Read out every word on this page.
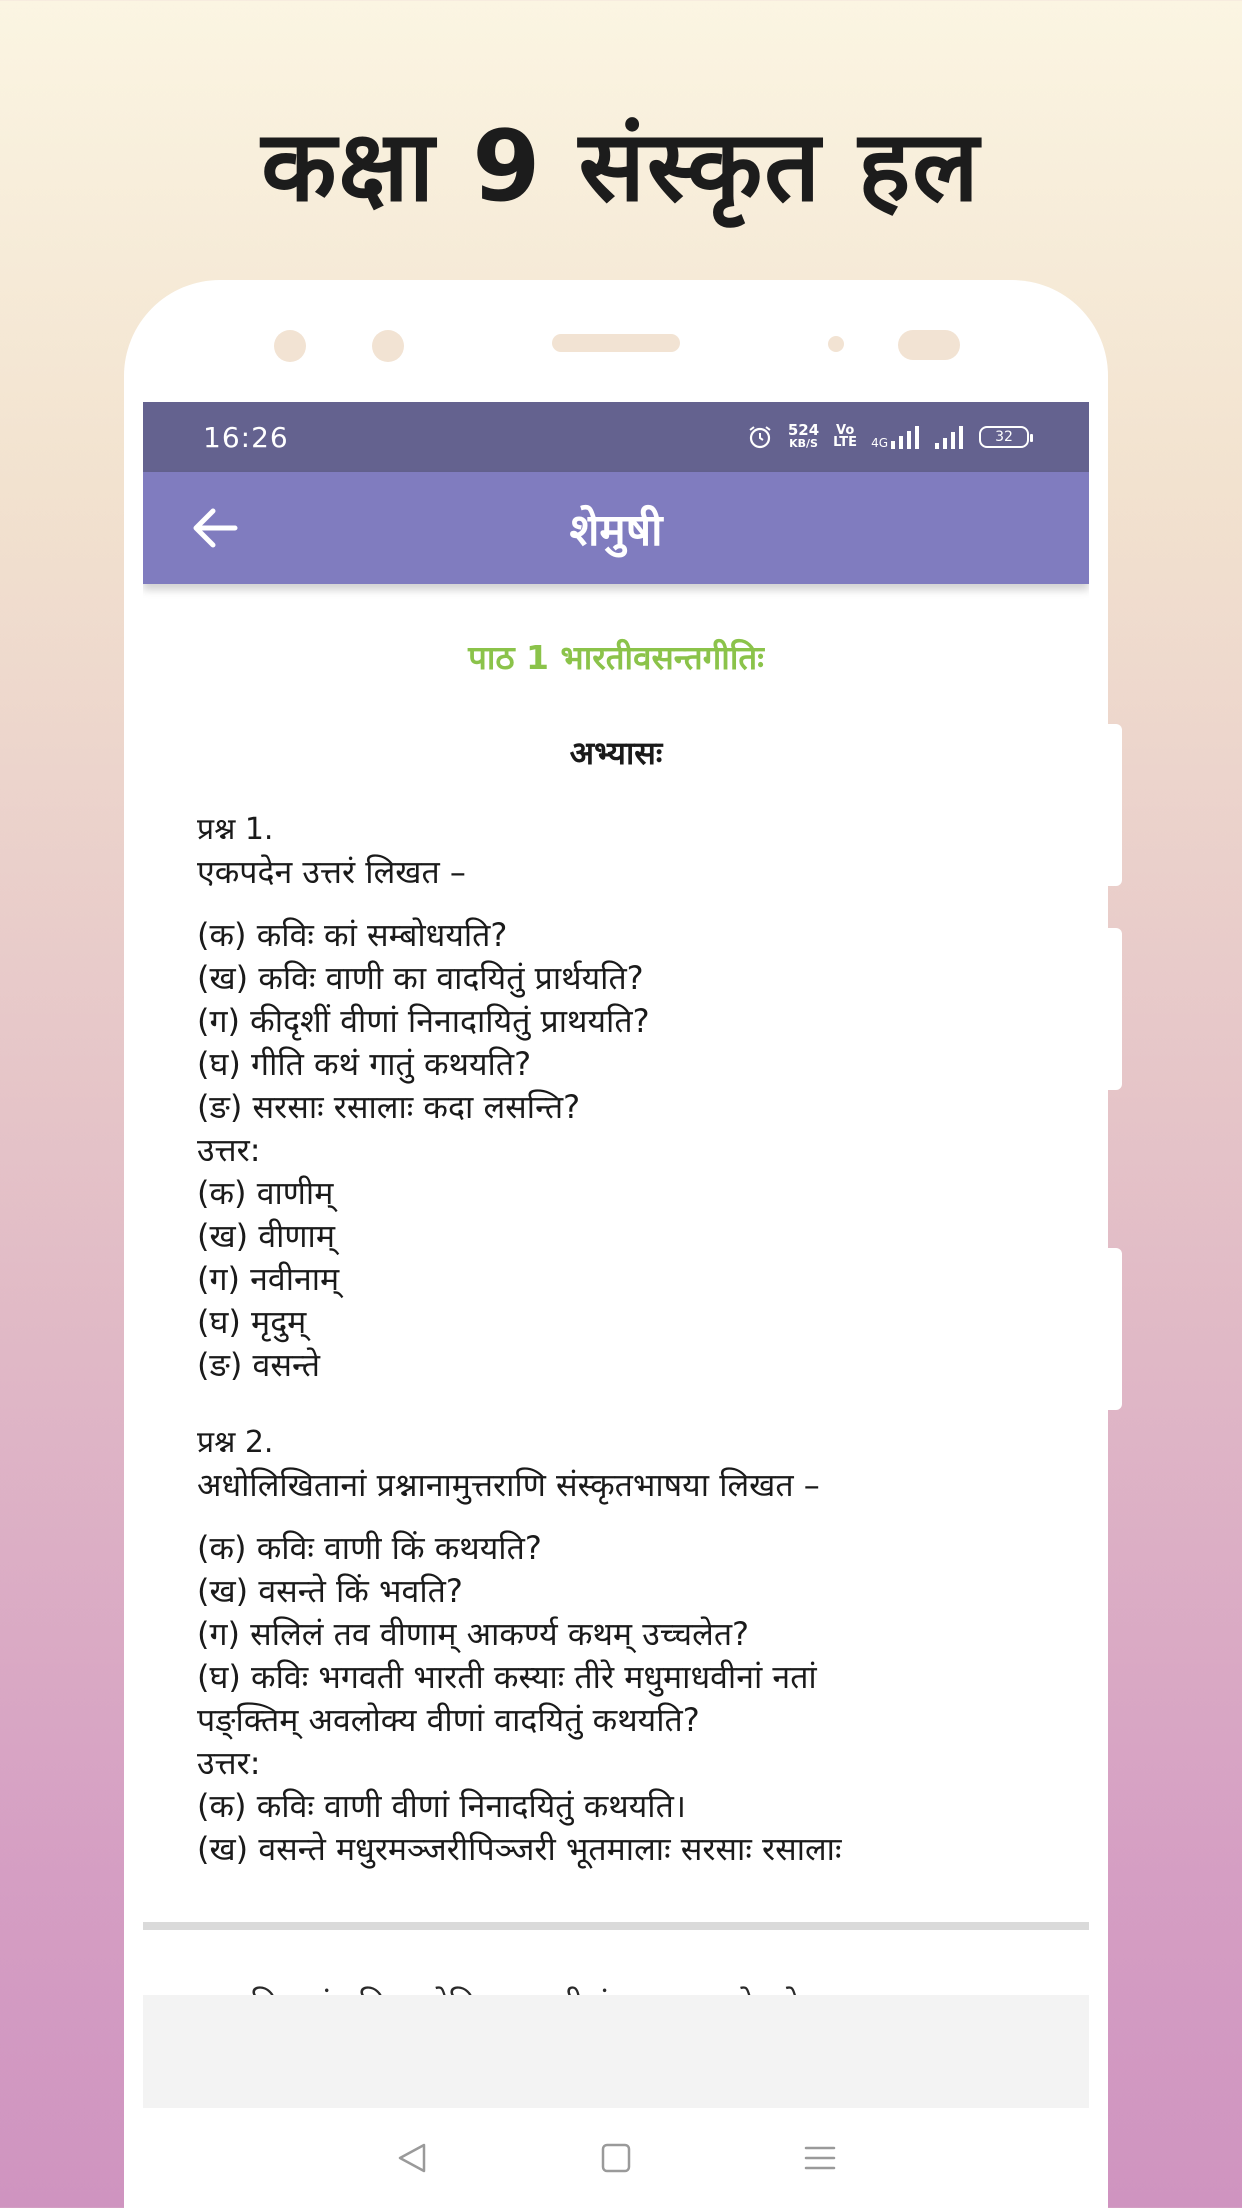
कक्षा 9 संस्कृत हल
16:26	524
KB/S
Vo
LTE 4G	32
शेमुषी
पाठ 1 भारतीवसन्तगीतिः
अभ्यासः
प्रश्न 1.
एकपदेन उत्तरं लिखत –
(क) कविः कां सम्बोधयति?
(ख) कविः वाणी का वादयितुं प्रार्थयति?
(ग) कीदृशीं वीणां निनादायितुं प्राथयति?
(घ) गीति कथं गातुं कथयति?
(ङ) सरसाः रसालाः कदा लसन्ति?
उत्तर:
(क) वाणीम्
(ख) वीणाम्
(ग) नवीनाम्
(घ) मृदुम्
(ङ) वसन्ते
प्रश्न 2.
अधोलिखितानां प्रश्नानामुत्तराणि संस्कृतभाषया लिखत –
(क) कविः वाणी किं कथयति?
(ख) वसन्ते किं भवति?
(ग) सलिलं तव वीणाम् आकर्ण्य कथम् उच्चलेत?
(घ) कविः भगवती भारती कस्याः तीरे मधुमाधवीनां नतां
पङ्क्तिम् अवलोक्य वीणां वादयितुं कथयति?
उत्तर:
(क) कविः वाणी वीणां निनादयितुं कथयति।
(ख) वसन्ते मधुरमञ्जरीपिञ्जरी भूतमालाः सरसाः रसालाः
